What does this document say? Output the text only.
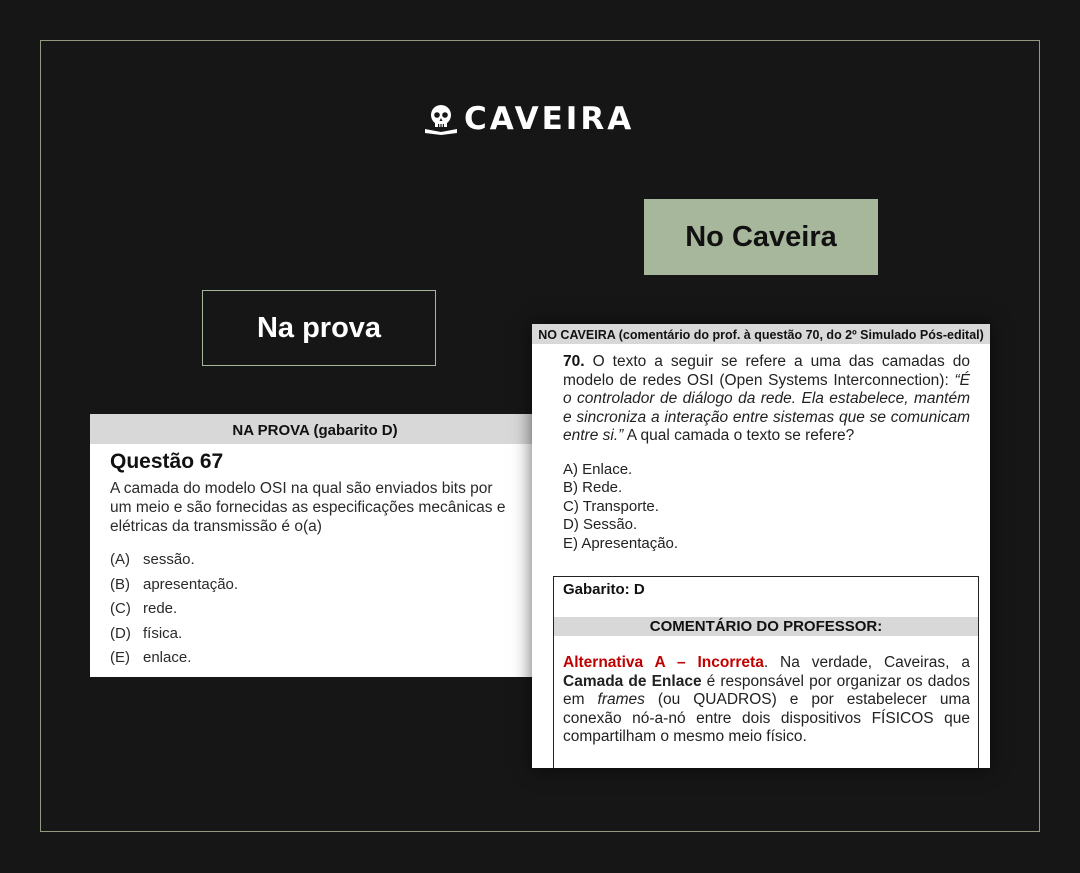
CAVEIRA
No Caveira
Na prova
NA PROVA (gabarito D)
Questão 67
A camada do modelo OSI na qual são enviados bits por
um meio e são fornecidas as especificações mecânicas e
elétricas da transmissão é o(a)
(A) sessão.
(B) apresentação.
(C) rede.
(D) física.
(E) enlace.
NO CAVEIRA (comentário do prof. à questão 70, do 2º Simulado Pós-edital)
70. O texto a seguir se refere a uma das camadas do modelo de redes OSI (Open Systems Interconnection): “É o controlador de diálogo da rede. Ela estabelece, mantém e sincroniza a interação entre sistemas que se comunicam entre si.” A qual camada o texto se refere?
A) Enlace.
B) Rede.
C) Transporte.
D) Sessão.
E) Apresentação.
Gabarito: D
COMENTÁRIO DO PROFESSOR:
Alternativa A – Incorreta. Na verdade, Caveiras, a Camada de Enlace é responsável por organizar os dados em frames (ou QUADROS) e por estabelecer uma conexão nó-a-nó entre dois dispositivos FÍSICOS que compartilham o mesmo meio físico.
